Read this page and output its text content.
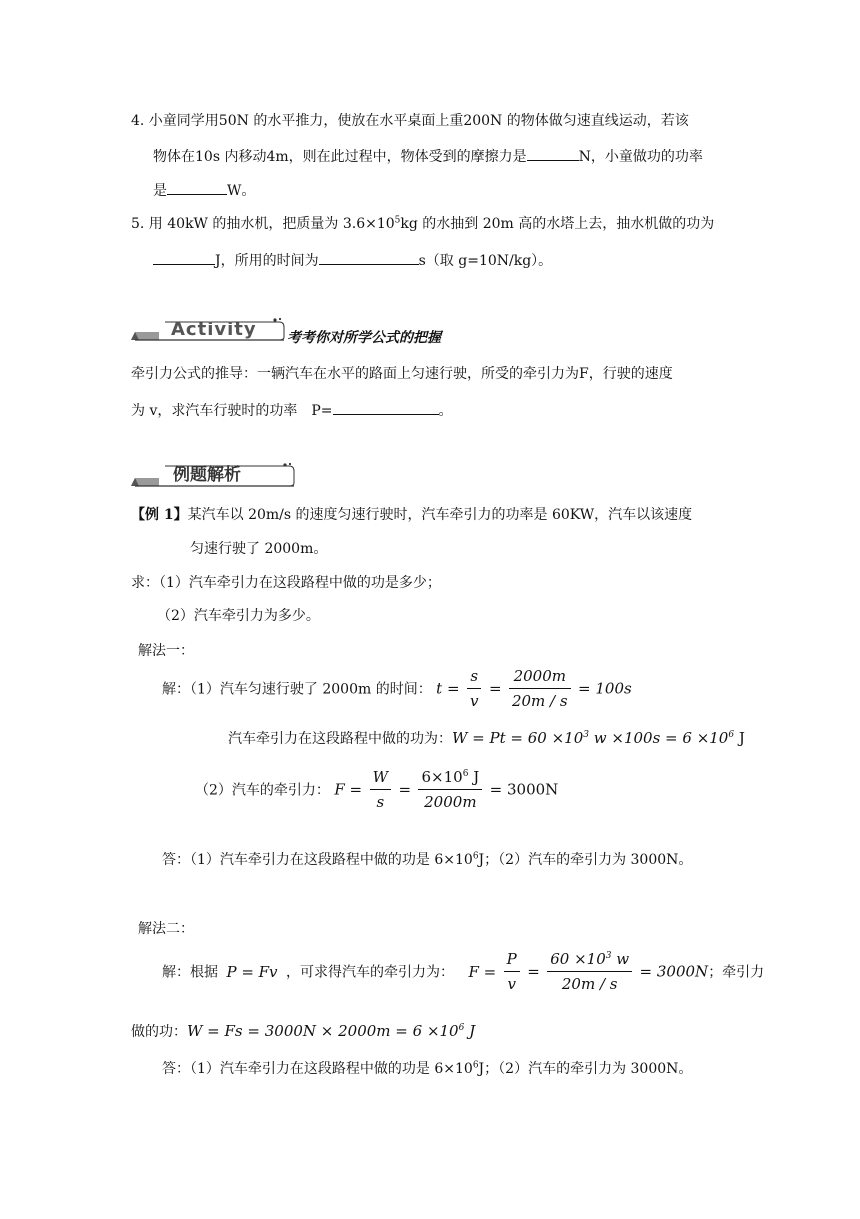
4. 小童同学用50N 的水平推力，使放在水平桌面上重200N 的物体做匀速直线运动，若该
物体在10s 内移动4m，则在此过程中，物体受到的摩擦力是	N，小童做功的功率
是	W。
5. 用 40kW 的抽水机，把质量为 $3.6\times 10^5kg$ 的水抽到 20m 高的水塔上去，抽水机做的功为
J，所用的时间为	s（取 g=10N/kg）。
Activity 考考你对所学公式的把握
牵引力公式的推导：一辆汽车在水平的路面上匀速行驶，所受的牵引力为F，行驶的速度
为 v，求汽车行驶时的功率　P=	。
例题解析
【例 1】某汽车以 20m/s 的速度匀速行驶时，汽车牵引力的功率是 60KW，汽车以该速度
匀速行驶了 2000m。
求：（1）汽车牵引力在这段路程中做的功是多少；
（2）汽车牵引力为多少。
解法一：
解：（1）汽车匀速行驶了 2000m 的时间： $t = \frac{s}{v} = \frac{2000m}{20m / s} = 100s$
汽车牵引力在这段路程中做的功为：$W = Pt = 60 \times 10^3$ $w \times 100s = 6 \times 10^6$ J
（2）汽车的牵引力： $F = \frac{W}{s} = \frac{6\times 10^6 J}{2000m} = 3000N$
答：（1）汽车牵引力在这段路程中做的功是 $6\times 10^6J$；（2）汽车的牵引力为 3000N。
解法二：
解：根据 P = Fv ，可求得汽车的牵引力为： $F = \frac{P}{v} = \frac{60 \times 10^3 w}{20m / s} = 3000N$；牵引力
做的功：$W = Fs = 3000N \times 2000m = 6 \times 10^6$ J
答：（1）汽车牵引力在这段路程中做的功是 $6\times 10^6J$；（2）汽车的牵引力为 3000N。
